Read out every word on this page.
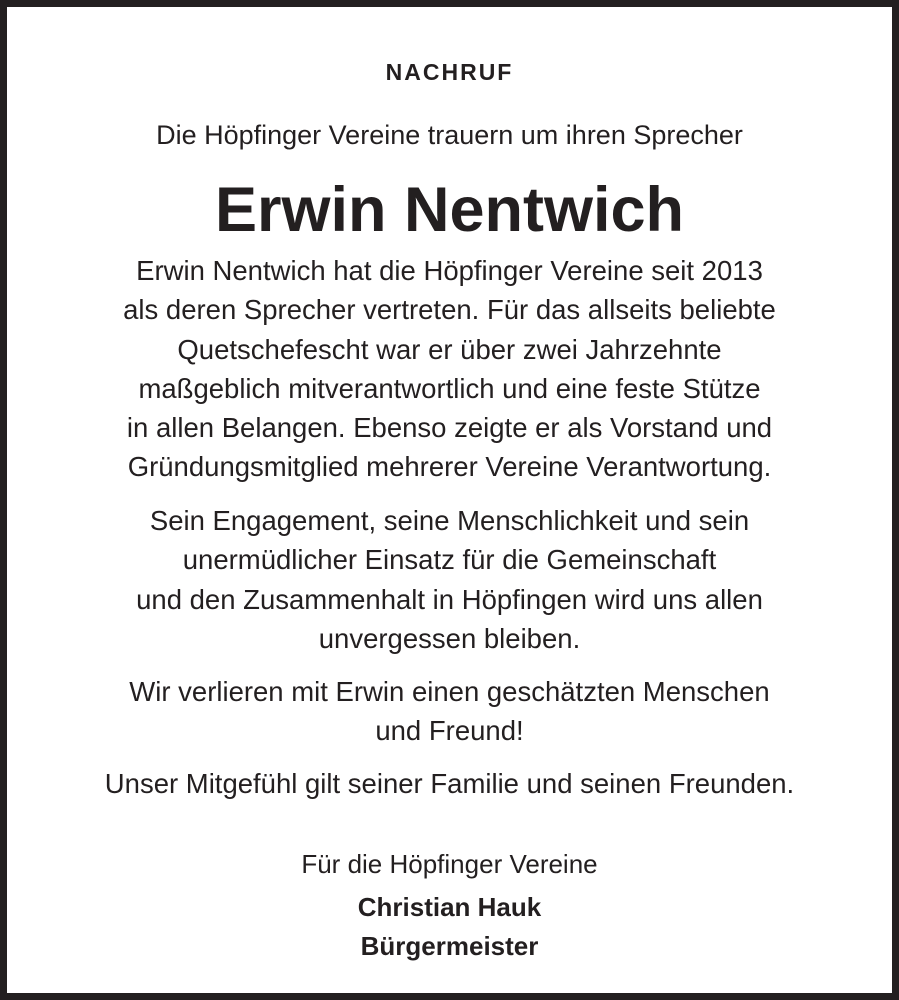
NACHRUF
Die Höpfinger Vereine trauern um ihren Sprecher
Erwin Nentwich
Erwin Nentwich hat die Höpfinger Vereine seit 2013
als deren Sprecher vertreten. Für das allseits beliebte
Quetschefescht war er über zwei Jahrzehnte
maßgeblich mitverantwortlich und eine feste Stütze
in allen Belangen. Ebenso zeigte er als Vorstand und
Gründungsmitglied mehrerer Vereine Verantwortung.
Sein Engagement, seine Menschlichkeit und sein
unermüdlicher Einsatz für die Gemeinschaft
und den Zusammenhalt in Höpfingen wird uns allen
unvergessen bleiben.
Wir verlieren mit Erwin einen geschätzten Menschen
und Freund!
Unser Mitgefühl gilt seiner Familie und seinen Freunden.
Für die Höpfinger Vereine
Christian Hauk
Bürgermeister
